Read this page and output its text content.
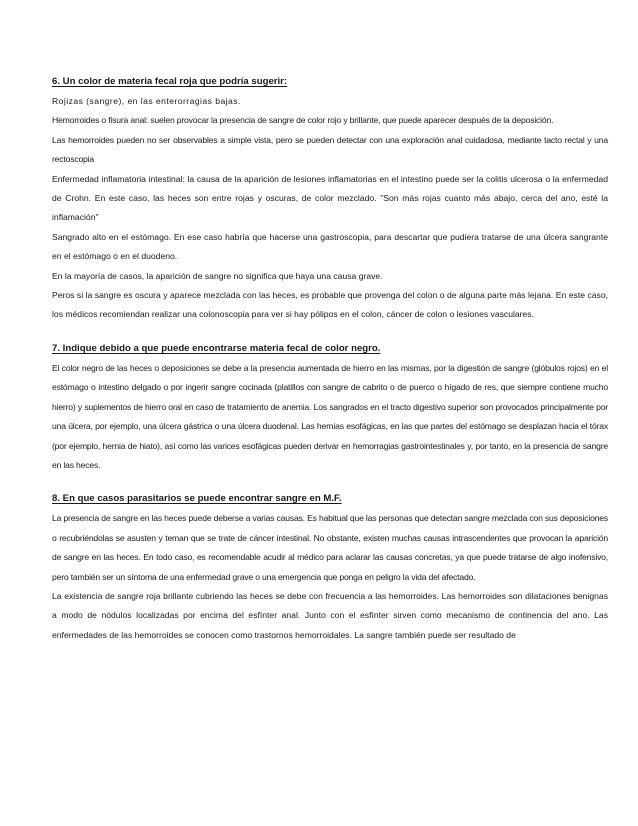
6. Un color de materia fecal roja que podría sugerir:

Rojizas (sangre), en las enterorragias bajas.

Hemorroides o fisura anal: suelen provocar la presencia de sangre de color rojo y brillante, que puede aparecer después de la deposición.

Las hemorroides pueden no ser observables a simple vista, pero se pueden detectar con una exploración anal cuidadosa, mediante tacto rectal y una rectoscopia

Enfermedad inflamatoria intestinal: la causa de la aparición de lesiones inflamatorias en el intestino puede ser la colitis ulcerosa o la enfermedad de Crohn. En este caso, las heces son entre rojas y oscuras, de color mezclado. "Son más rojas cuanto más abajo, cerca del ano, esté la inflamación"

Sangrado alto en el estómago. En ese caso habría que hacerse una gastroscopia, para descartar que pudiera tratarse de una úlcera sangrante en el estómago o en el duodeno.

En la mayoría de casos, la aparición de sangre no significa que haya una causa grave.

Peros si la sangre es oscura y aparece mezclada con las heces, es probable que provenga del colon o de alguna parte más lejana. En este caso, los médicos recomiendan realizar una colonoscopia para ver si hay pólipos en el colon, cáncer de colon o lesiones vasculares.

7. Indique debido a que puede encontrarse materia fecal de color negro.

El color negro de las heces o deposiciones se debe a la presencia aumentada de hierro en las mismas, por la digestión de sangre (glóbulos rojos) en el estómago o intestino delgado o por ingerir sangre cocinada (platillos con sangre de cabrito o de puerco o hígado de res, que siempre contiene mucho hierro) y suplementos de hierro oral en caso de tratamiento de anemia. Los sangrados en el tracto digestivo superior son provocados principalmente por una úlcera, por ejemplo, una úlcera gástrica o una úlcera duodenal. Las hernias esofágicas, en las que partes del estómago se desplazan hacia el tórax (por ejemplo, hernia de hiato), así como las varices esofágicas pueden derivar en hemorragias gastrointestinales y, por tanto, en la presencia de sangre en las heces.

8. En que casos parasitarios se puede encontrar sangre en M.F.

La presencia de sangre en las heces puede deberse a varias causas. Es habitual que las personas que detectan sangre mezclada con sus deposiciones o recubriéndolas se asusten y teman que se trate de cáncer intestinal. No obstante, existen muchas causas intrascendentes que provocan la aparición de sangre en las heces. En todo caso, es recomendable acudir al médico para aclarar las causas concretas, ya que puede tratarse de algo inofensivo, pero también ser un síntoma de una enfermedad grave o una emergencia que ponga en peligro la vida del afectado.

La existencia de sangre roja brillante cubriendo las heces se debe con frecuencia a las hemorroides. Las hemorroides son dilataciones benignas a modo de nódulos localizadas por encima del esfínter anal. Junto con el esfínter sirven como mecanismo de continencia del ano. Las enfermedades de las hemorroides se conocen como trastornos hemorroidales. La sangre también puede ser resultado de
